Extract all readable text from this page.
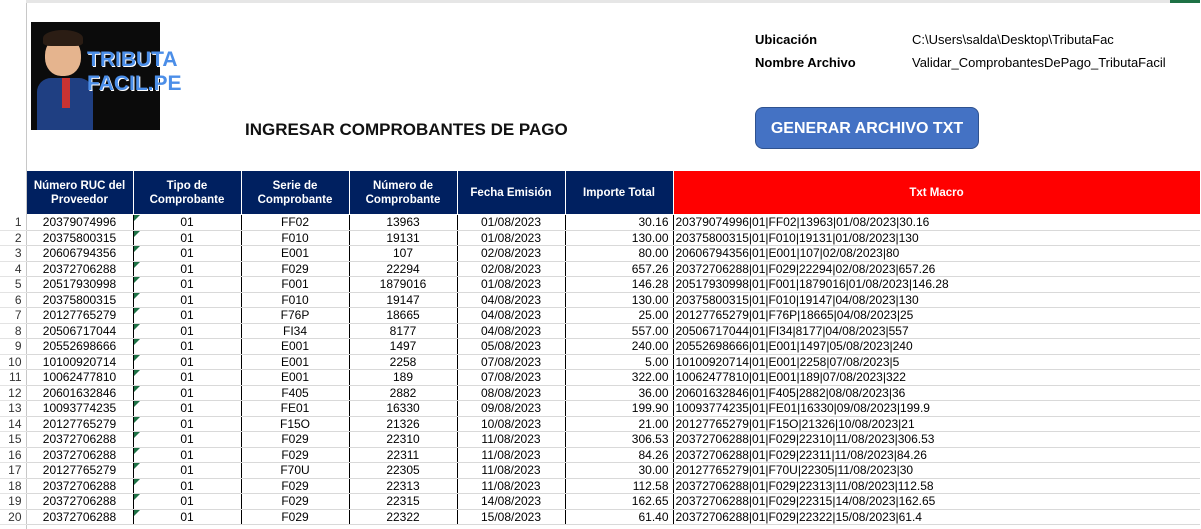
TRIBUTA
FACIL.PE
INGRESAR COMPROBANTES DE PAGO	GENERAR ARCHIVO TXT
Ubicación	C:\Users\salda\Desktop\TributaFac
Nombre Archivo	Validar_ComprobantesDePago_TributaFacil
	Número RUC del Proveedor	Tipo de Comprobante	Serie de Comprobante	Número de Comprobante	Fecha Emisión	Importe Total	Txt Macro
1	20379074996	01	FF02	13963	01/08/2023	30.16	20379074996|01|FF02|13963|01/08/2023|30.16
2	20375800315	01	F010	19131	01/08/2023	130.00	20375800315|01|F010|19131|01/08/2023|130
3	20606794356	01	E001	107	02/08/2023	80.00	20606794356|01|E001|107|02/08/2023|80
4	20372706288	01	F029	22294	02/08/2023	657.26	20372706288|01|F029|22294|02/08/2023|657.26
5	20517930998	01	F001	1879016	01/08/2023	146.28	20517930998|01|F001|1879016|01/08/2023|146.28
6	20375800315	01	F010	19147	04/08/2023	130.00	20375800315|01|F010|19147|04/08/2023|130
7	20127765279	01	F76P	18665	04/08/2023	25.00	20127765279|01|F76P|18665|04/08/2023|25
8	20506717044	01	FI34	8177	04/08/2023	557.00	20506717044|01|FI34|8177|04/08/2023|557
9	20552698666	01	E001	1497	05/08/2023	240.00	20552698666|01|E001|1497|05/08/2023|240
10	10100920714	01	E001	2258	07/08/2023	5.00	10100920714|01|E001|2258|07/08/2023|5
11	10062477810	01	E001	189	07/08/2023	322.00	10062477810|01|E001|189|07/08/2023|322
12	20601632846	01	F405	2882	08/08/2023	36.00	20601632846|01|F405|2882|08/08/2023|36
13	10093774235	01	FE01	16330	09/08/2023	199.90	10093774235|01|FE01|16330|09/08/2023|199.9
14	20127765279	01	F15O	21326	10/08/2023	21.00	20127765279|01|F15O|21326|10/08/2023|21
15	20372706288	01	F029	22310	11/08/2023	306.53	20372706288|01|F029|22310|11/08/2023|306.53
16	20372706288	01	F029	22311	11/08/2023	84.26	20372706288|01|F029|22311|11/08/2023|84.26
17	20127765279	01	F70U	22305	11/08/2023	30.00	20127765279|01|F70U|22305|11/08/2023|30
18	20372706288	01	F029	22313	11/08/2023	112.58	20372706288|01|F029|22313|11/08/2023|112.58
19	20372706288	01	F029	22315	14/08/2023	162.65	20372706288|01|F029|22315|14/08/2023|162.65
20	20372706288	01	F029	22322	15/08/2023	61.40	20372706288|01|F029|22322|15/08/2023|61.4
